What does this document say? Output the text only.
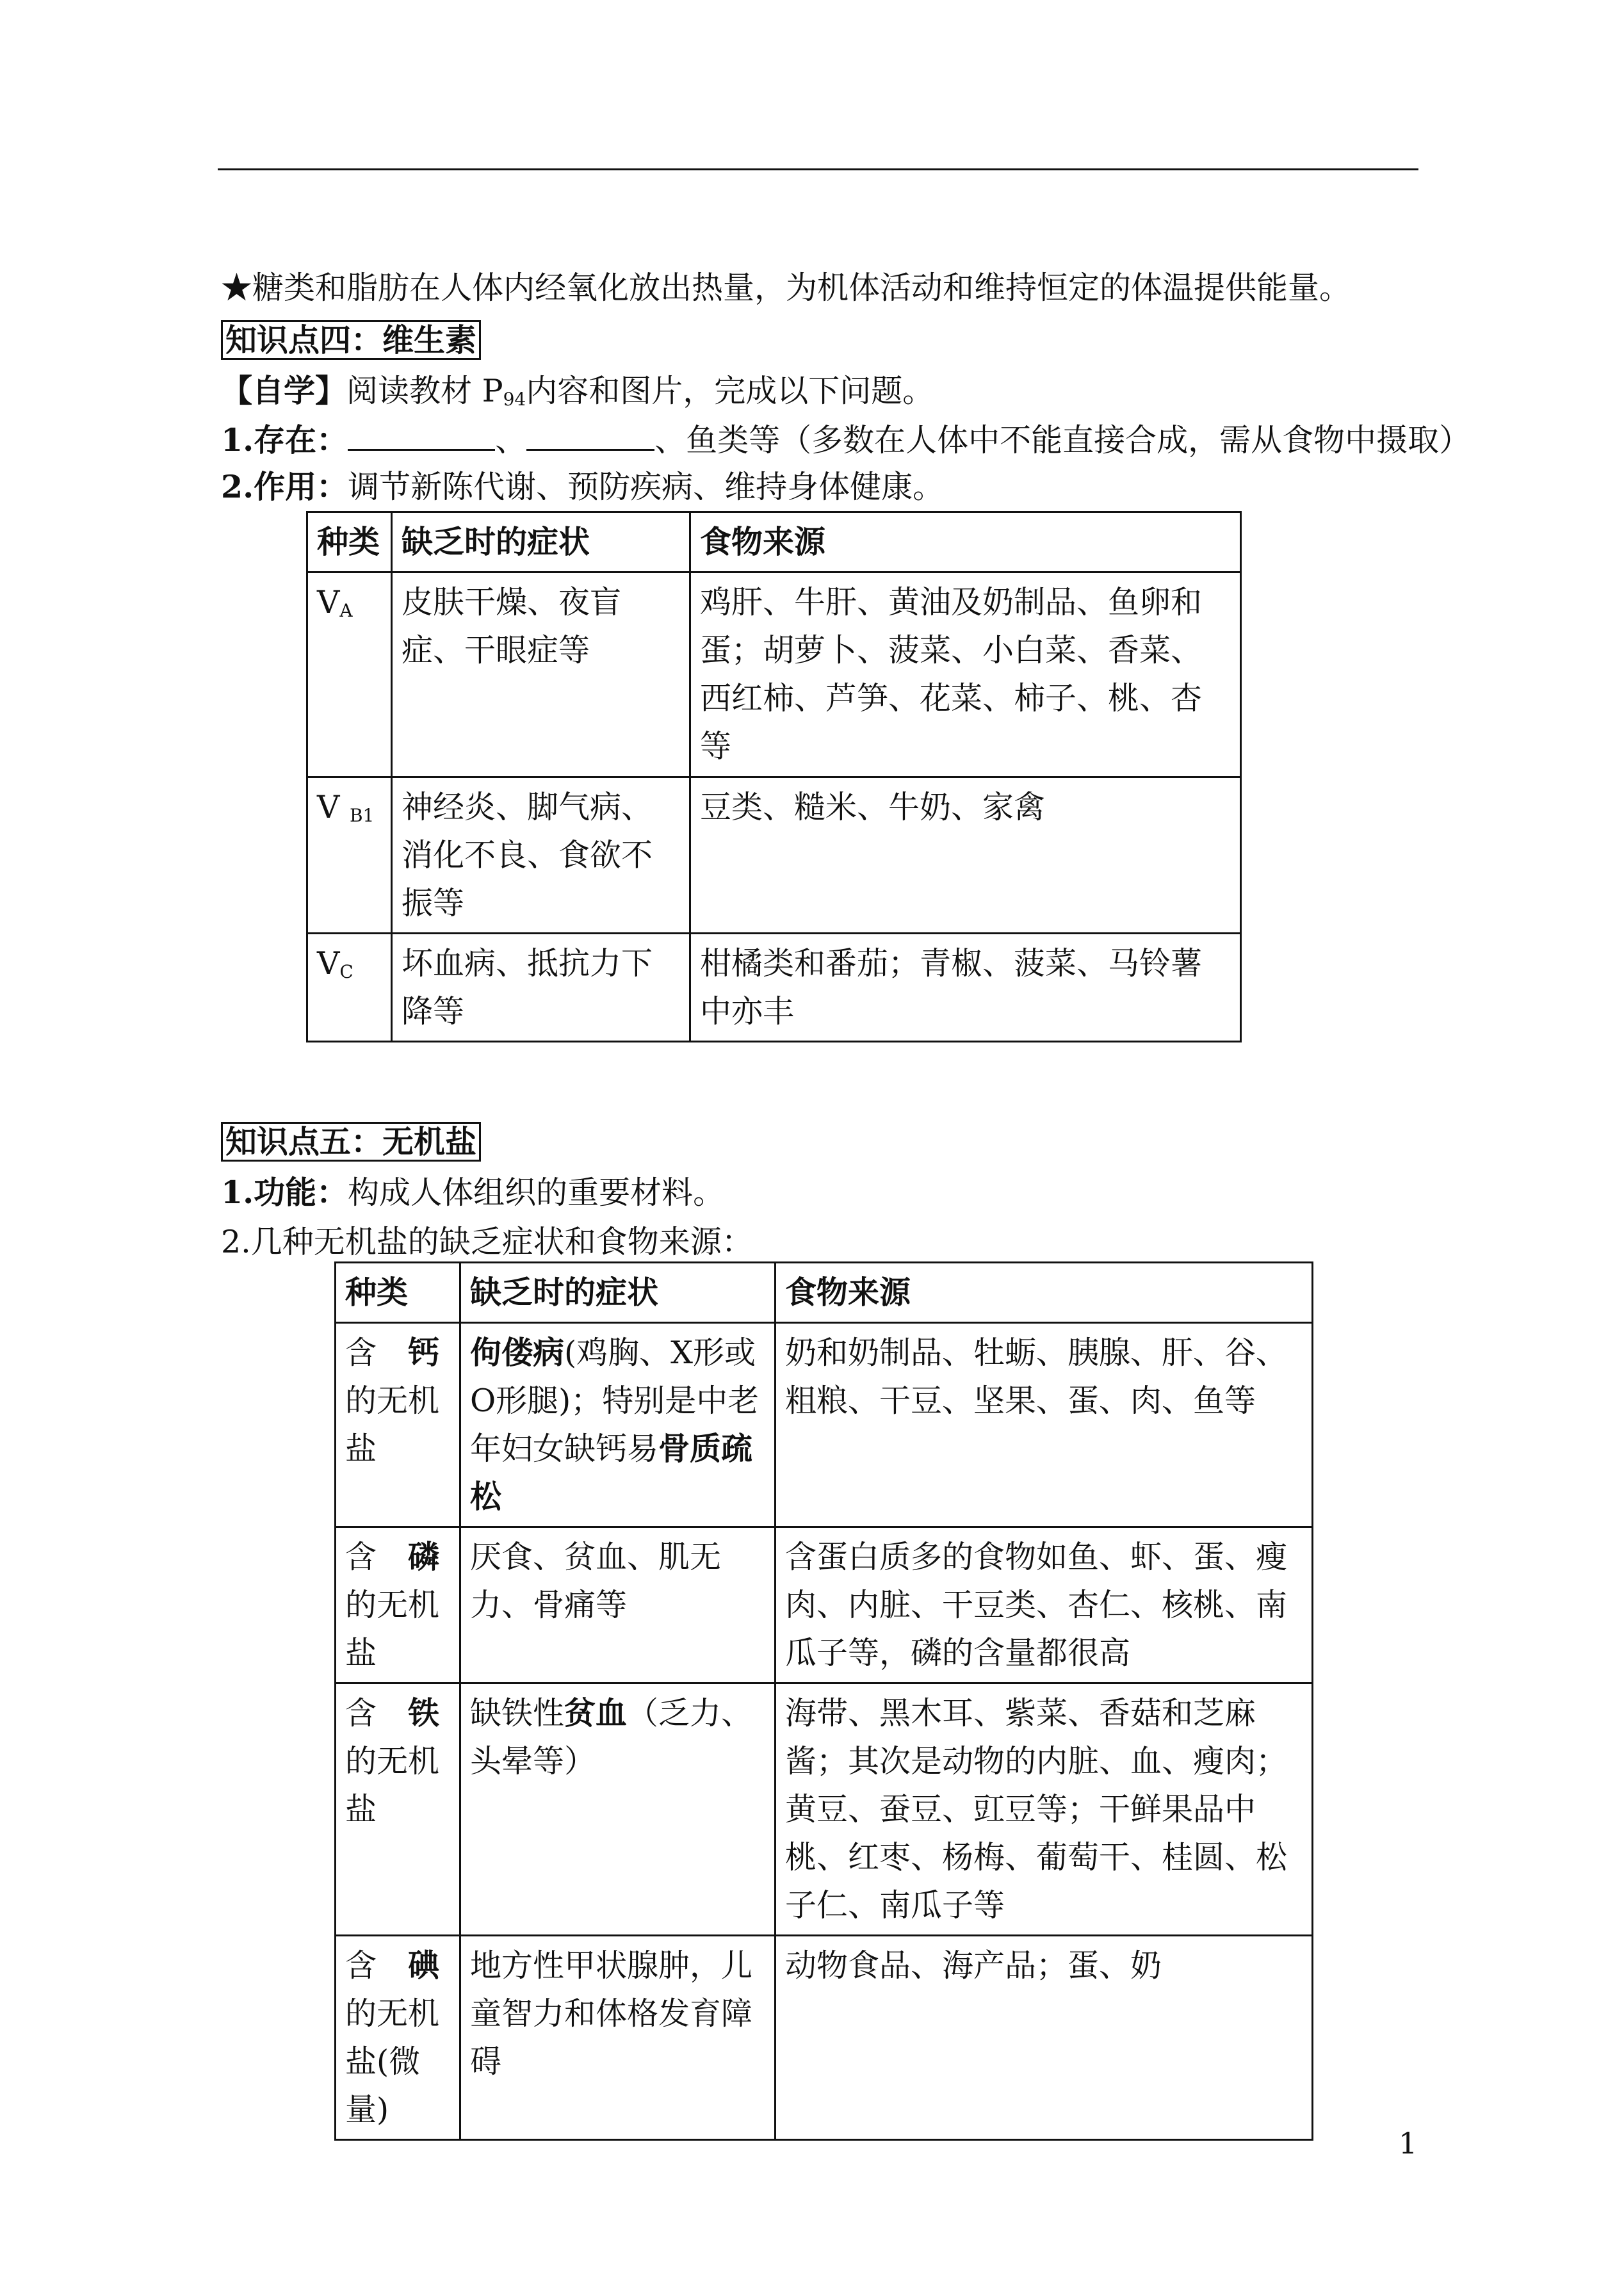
★糖类和脂肪在人体内经氧化放出热量，为机体活动和维持恒定的体温提供能量。
知识点四：维生素
【自学】阅读教材 $P_{94}$内容和图片，完成以下问题。
1.存在：	、	、鱼类等（多数在人体中不能直接合成，需从食物中摄取）
2.作用：调节新陈代谢、预防疾病、维持身体健康。
种类	缺乏时的症状	食物来源
$V_A$	皮肤干燥、夜盲症、干眼症等	鸡肝、牛肝、黄油及奶制品、鱼卵和蛋；胡萝卜、菠菜、小白菜、香菜、西红柿、芦笋、花菜、柿子、桃、杏等
V $_{B1}$	神经炎、脚气病、消化不良、食欲不振等	豆类、糙米、牛奶、家禽
$V_C$	坏血病、抵抗力下降等	柑橘类和番茄；青椒、菠菜、马铃薯中亦丰
知识点五：无机盐
1.功能：构成人体组织的重要材料。
2.几种无机盐的缺乏症状和食物来源：
种类	缺乏时的症状	食物来源
含　 钙的无机盐	佝偻病(鸡胸、X形或O形腿)；特别是中老年妇女缺钙易骨质疏松	奶和奶制品、牡蛎、胰腺、肝、谷、粗粮、干豆、坚果、蛋、肉、鱼等
含　 磷的无机盐	厌食、贫血、肌无力、骨痛等	含蛋白质多的食物如鱼、虾、蛋、瘦肉、内脏、干豆类、杏仁、核桃、南瓜子等，磷的含量都很高
含　 铁的无机盐	缺铁性贫血（乏力、头晕等）	海带、黑木耳、紫菜、香菇和芝麻酱；其次是动物的内脏、血、瘦肉；黄豆、蚕豆、豇豆等；干鲜果品中桃、红枣、杨梅、葡萄干、桂圆、松子仁、南瓜子等
含　 碘的无机盐(微量)	地方性甲状腺肿，儿童智力和体格发育障碍	动物食品、海产品；蛋、奶
1
